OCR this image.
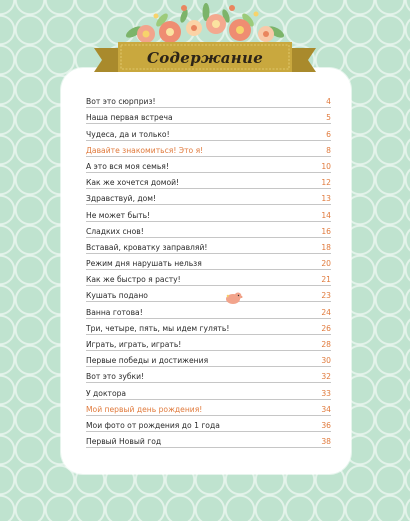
Содержание
Вот это сюрприз!	4
Наша первая встреча	5
Чудеса, да и только!	6
Давайте знакомиться! Это я!	8
А это вся моя семья!	10
Как же хочется домой!	12
Здравствуй, дом!	13
Не может быть!	14
Сладких снов!	16
Вставай, кроватку заправляй!	18
Режим дня нарушать нельзя	20
Как же быстро я расту!	21
Кушать подано	23
Ванна готова!	24
Три, четыре, пять, мы идем гулять!	26
Играть, играть, играть!	28
Первые победы и достижения	30
Вот это зубки!	32
У доктора	33
Мой первый день рождения!	34
Мои фото от рождения до 1 года	36
Первый Новый год	38
